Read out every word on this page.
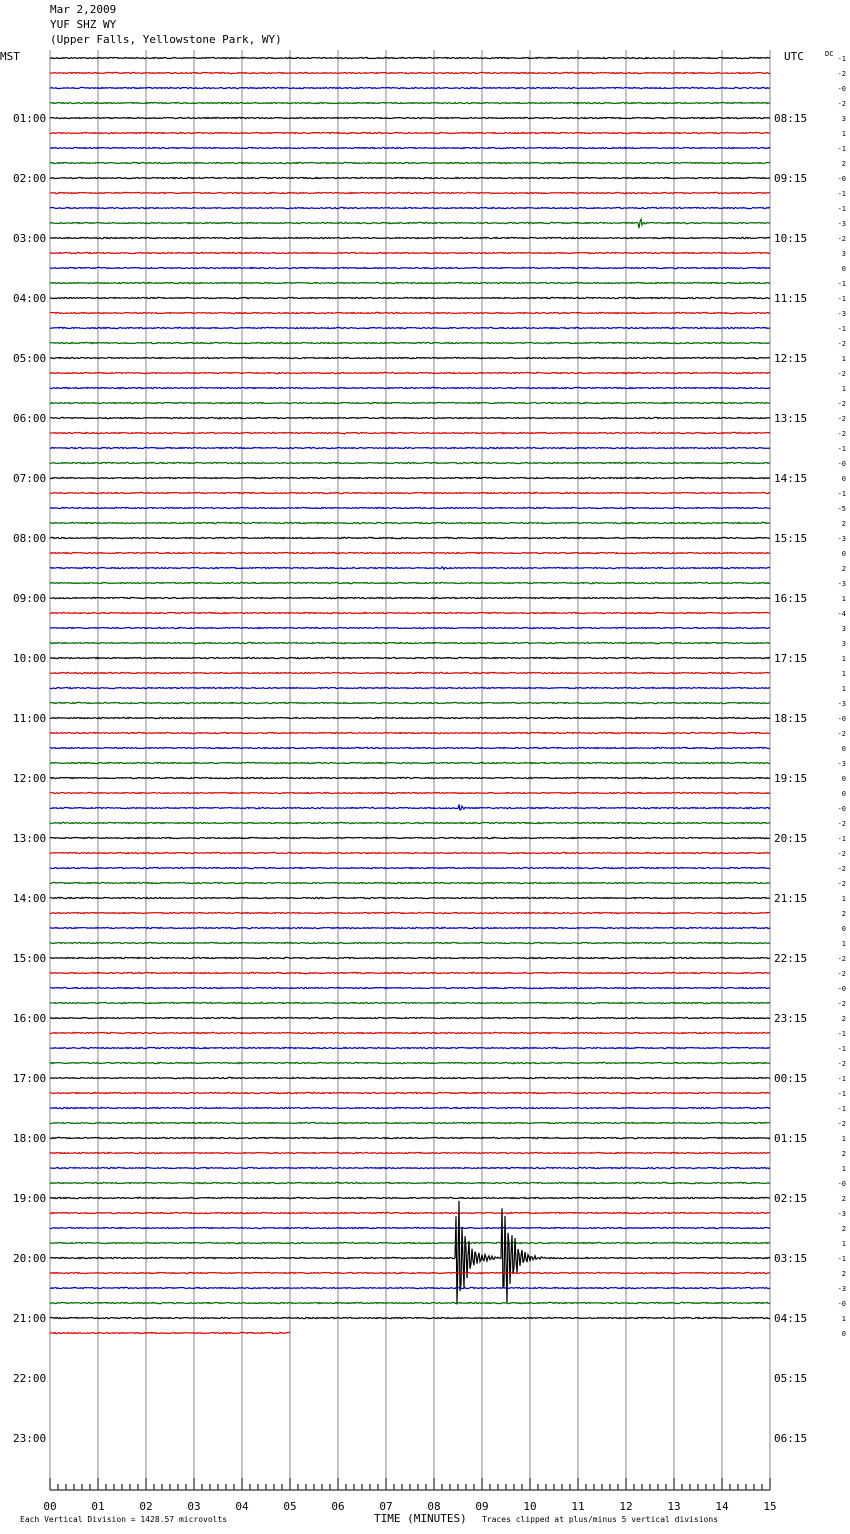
Mar 2,2009
YUF SHZ WY
(Upper Falls, Yellowstone Park, WY)
MST	UTC	DC
01:00
02:00
03:00
04:00
05:00
06:00
07:00
08:00
09:00
10:00
11:00
12:00
13:00
14:00
15:00
16:00
17:00
18:00
19:00
20:00
21:00
22:00
23:00
08:15
09:15
10:15
11:15
12:15
13:15
14:15
15:15
16:15
17:15
18:15
19:15
20:15
21:15
22:15
23:15
00:15
01:15
02:15
03:15
04:15
05:15
06:15
-1
-2
-0
-2
3
1
-1
2
-0
-1
-1
-3
-2
3
0
-1
-1
-3
-1
-2
1
-2
1
-2
-2
-2
-1
-0
0
-1
-5
2
-3
0
2
-3
1
-4
3
3
1
1
1
-3
-0
-2
0
-3
0
0
-0
-2
-1
-2
-2
-2
1
2
0
1
-2
-2
-0
-2
2
-1
-1
-2
-1
-1
-1
-2
1
2
1
-0
2
-3
2
1
-1
2
-3
-0
1
0
00	01	02	03	04	05	06	07	08	09	10	11	12	13	14	15
TIME (MINUTES)
Each Vertical Division = 1428.57 microvolts	Traces clipped at plus/minus 5 vertical divisions
